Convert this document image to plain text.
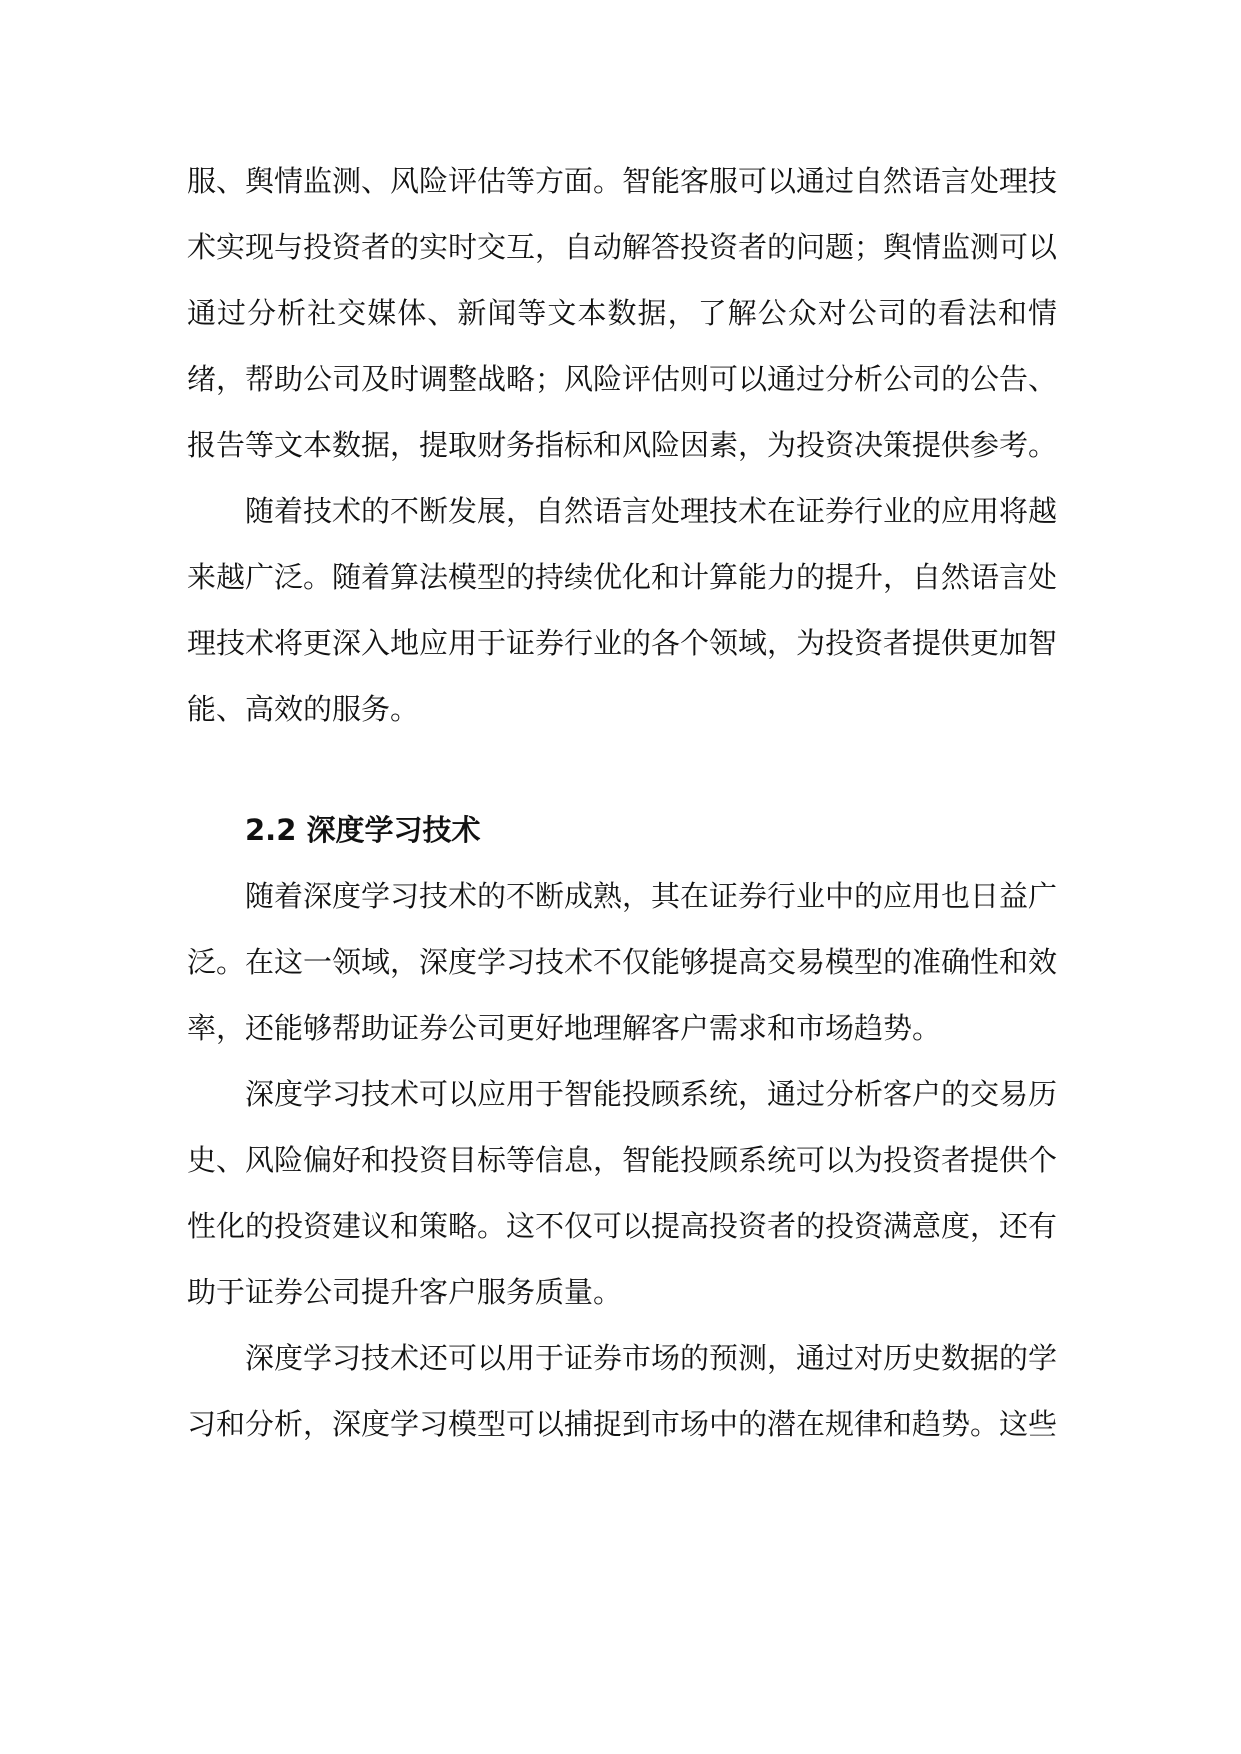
服、舆情监测、风险评估等方面。智能客服可以通过自然语言处理技术实现与投资者的实时交互，自动解答投资者的问题；舆情监测可以通过分析社交媒体、新闻等文本数据，了解公众对公司的看法和情绪，帮助公司及时调整战略；风险评估则可以通过分析公司的公告、报告等文本数据，提取财务指标和风险因素，为投资决策提供参考。

随着技术的不断发展，自然语言处理技术在证券行业的应用将越来越广泛。随着算法模型的持续优化和计算能力的提升，自然语言处理技术将更深入地应用于证券行业的各个领域，为投资者提供更加智能、高效的服务。

2.2 深度学习技术

随着深度学习技术的不断成熟，其在证券行业中的应用也日益广泛。在这一领域，深度学习技术不仅能够提高交易模型的准确性和效率，还能够帮助证券公司更好地理解客户需求和市场趋势。

深度学习技术可以应用于智能投顾系统，通过分析客户的交易历史、风险偏好和投资目标等信息，智能投顾系统可以为投资者提供个性化的投资建议和策略。这不仅可以提高投资者的投资满意度，还有助于证券公司提升客户服务质量。

深度学习技术还可以用于证券市场的预测，通过对历史数据的学习和分析，深度学习模型可以捕捉到市场中的潜在规律和趋势。这些
